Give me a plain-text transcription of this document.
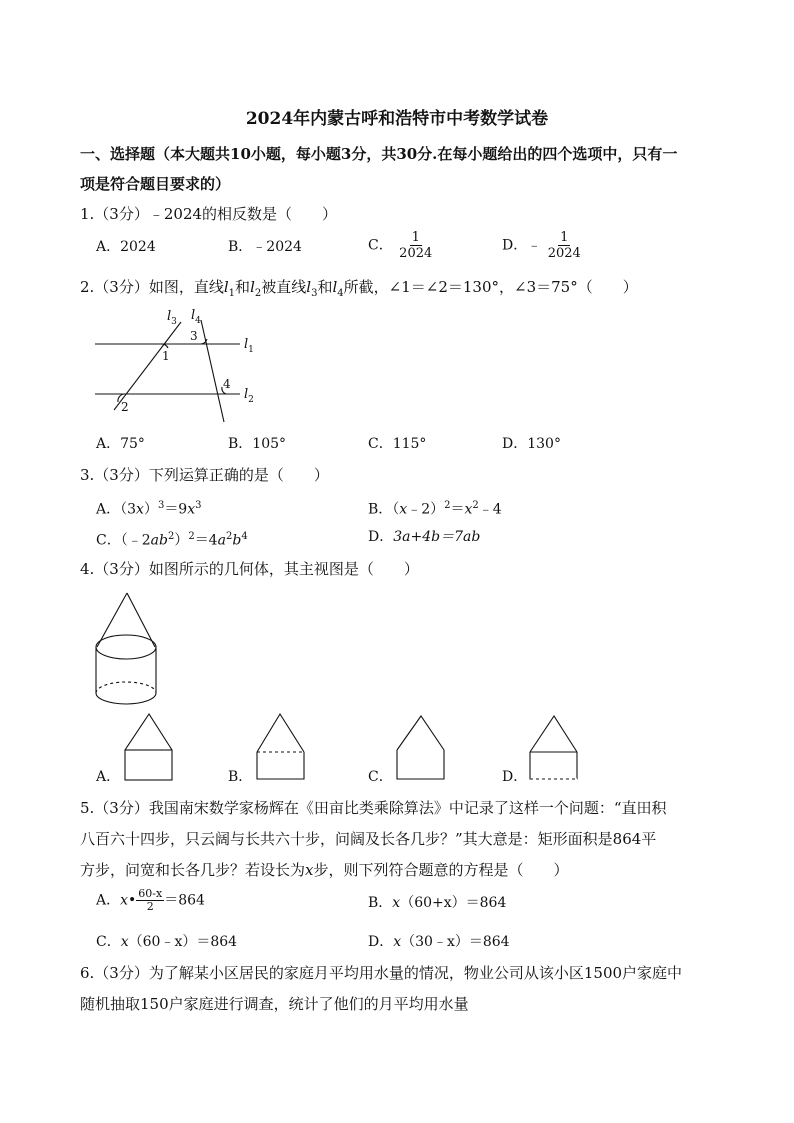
2024年内蒙古呼和浩特市中考数学试卷
一、选择题（本大题共10小题，每小题3分，共30分.在每小题给出的四个选项中，只有一
项是符合题目要求的）
1.（3分）﹣2024的相反数是（　　）
A．2024	B．﹣2024	C． $\frac{1}{2024}$	D．﹣ $\frac{1}{2024}$
2.（3分）如图，直线$l_1$和$l_2$被直线$l_3$和$l_4$所截，∠1＝∠2＝130°，∠3＝75°（　　）
$l_3$ $l_4$
$l_1$
$l_2$
1
2
3
4
A．75°	B．105°	C．115°	D．130°
3.（3分）下列运算正确的是（　　）
A．$(3x)^3=9x^3$	B．$(x﹣2)^2=x^2﹣4$
C．$(﹣2ab^2)^2=4a^2b^4$	D．3a+4b＝7ab
4.（3分）如图所示的几何体，其主视图是（　　）
A．	B．	C．	D．
5.（3分）我国南宋数学家杨辉在《田亩比类乘除算法》中记录了这样一个问题：“直田积
八百六十四步，只云阔与长共六十步，问阔及长各几步？”其大意是：矩形面积是864平
方步，问宽和长各几步？若设长为x步，则下列符合题意的方程是（　　）
A．x• $\frac{60-x}{2} =864$	B．x（60+x）＝864
C．x（60﹣x）＝864	D．x（30﹣x）＝864
6.（3分）为了解某小区居民的家庭月平均用水量的情况，物业公司从该小区1500户家庭中
随机抽取150户家庭进行调查，统计了他们的月平均用水量
